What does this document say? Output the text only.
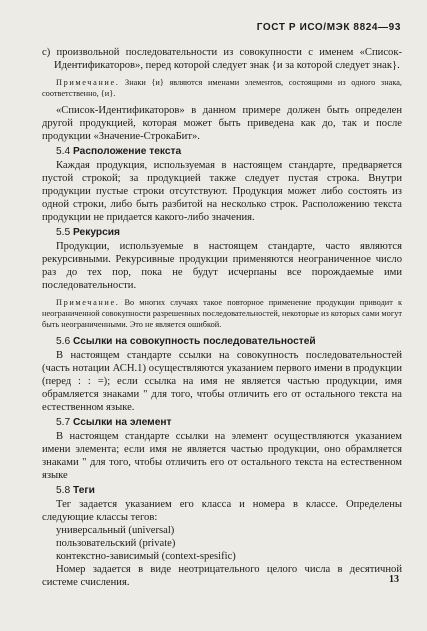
ГОСТ Р ИСО/МЭК 8824—93

с) произвольной последовательности из совокупности с именем «Список-Идентификаторов», перед которой следует знак {и за которой следует знак}.

Примечание. Знаки {и} являются именами элементов, состоящими из одного знака, соответственно, {и}.

«Список-Идентификаторов» в данном примере должен быть определен другой продукцией, которая может быть приведена как до, так и после продукции «Значение-СтрокаБит».

5.4 Расположение текста

Каждая продукция, используемая в настоящем стандарте, предваряется пустой строкой; за продукцией также следует пустая строка. Внутри продукции пустые строки отсутствуют. Продукция может либо состоять из одной строки, либо быть разбитой на несколько строк. Расположению текста продукции не придается какого-либо значения.

5.5 Рекурсия

Продукции, используемые в настоящем стандарте, часто являются рекурсивными. Рекурсивные продукции применяются неограниченное число раз до тех пор, пока не будут исчерпаны все порождаемые ими последовательности.

Примечание. Во многих случаях такое повторное применение продукции приводит к неограниченной совокупности разрешенных последовательностей, некоторые из которых сами могут быть неограниченными. Это не является ошибкой.

5.6 Ссылки на совокупность последовательностей

В настоящем стандарте ссылки на совокупность последовательностей (часть нотации АСН.1) осуществляются указанием первого имени в продукции (перед : : =); если ссылка на имя не является частью продукции, имя обрамляется знаками " для того, чтобы отличить его от остального текста на естественном языке.

5.7 Ссылки на элемент

В настоящем стандарте ссылки на элемент осуществляются указанием имени элемента; если имя не является частью продукции, оно обрамляется знаками " для того, чтобы отличить его от остального текста на естественном языке

5.8 Теги

Тег задается указанием его класса и номера в классе. Определены следующие классы тегов:

универсальный (universal)

пользовательский (private)

контекстно-зависимый (context-spesific)

Номер задается в виде неотрицательного целого числа в десятичной системе счисления.	13
